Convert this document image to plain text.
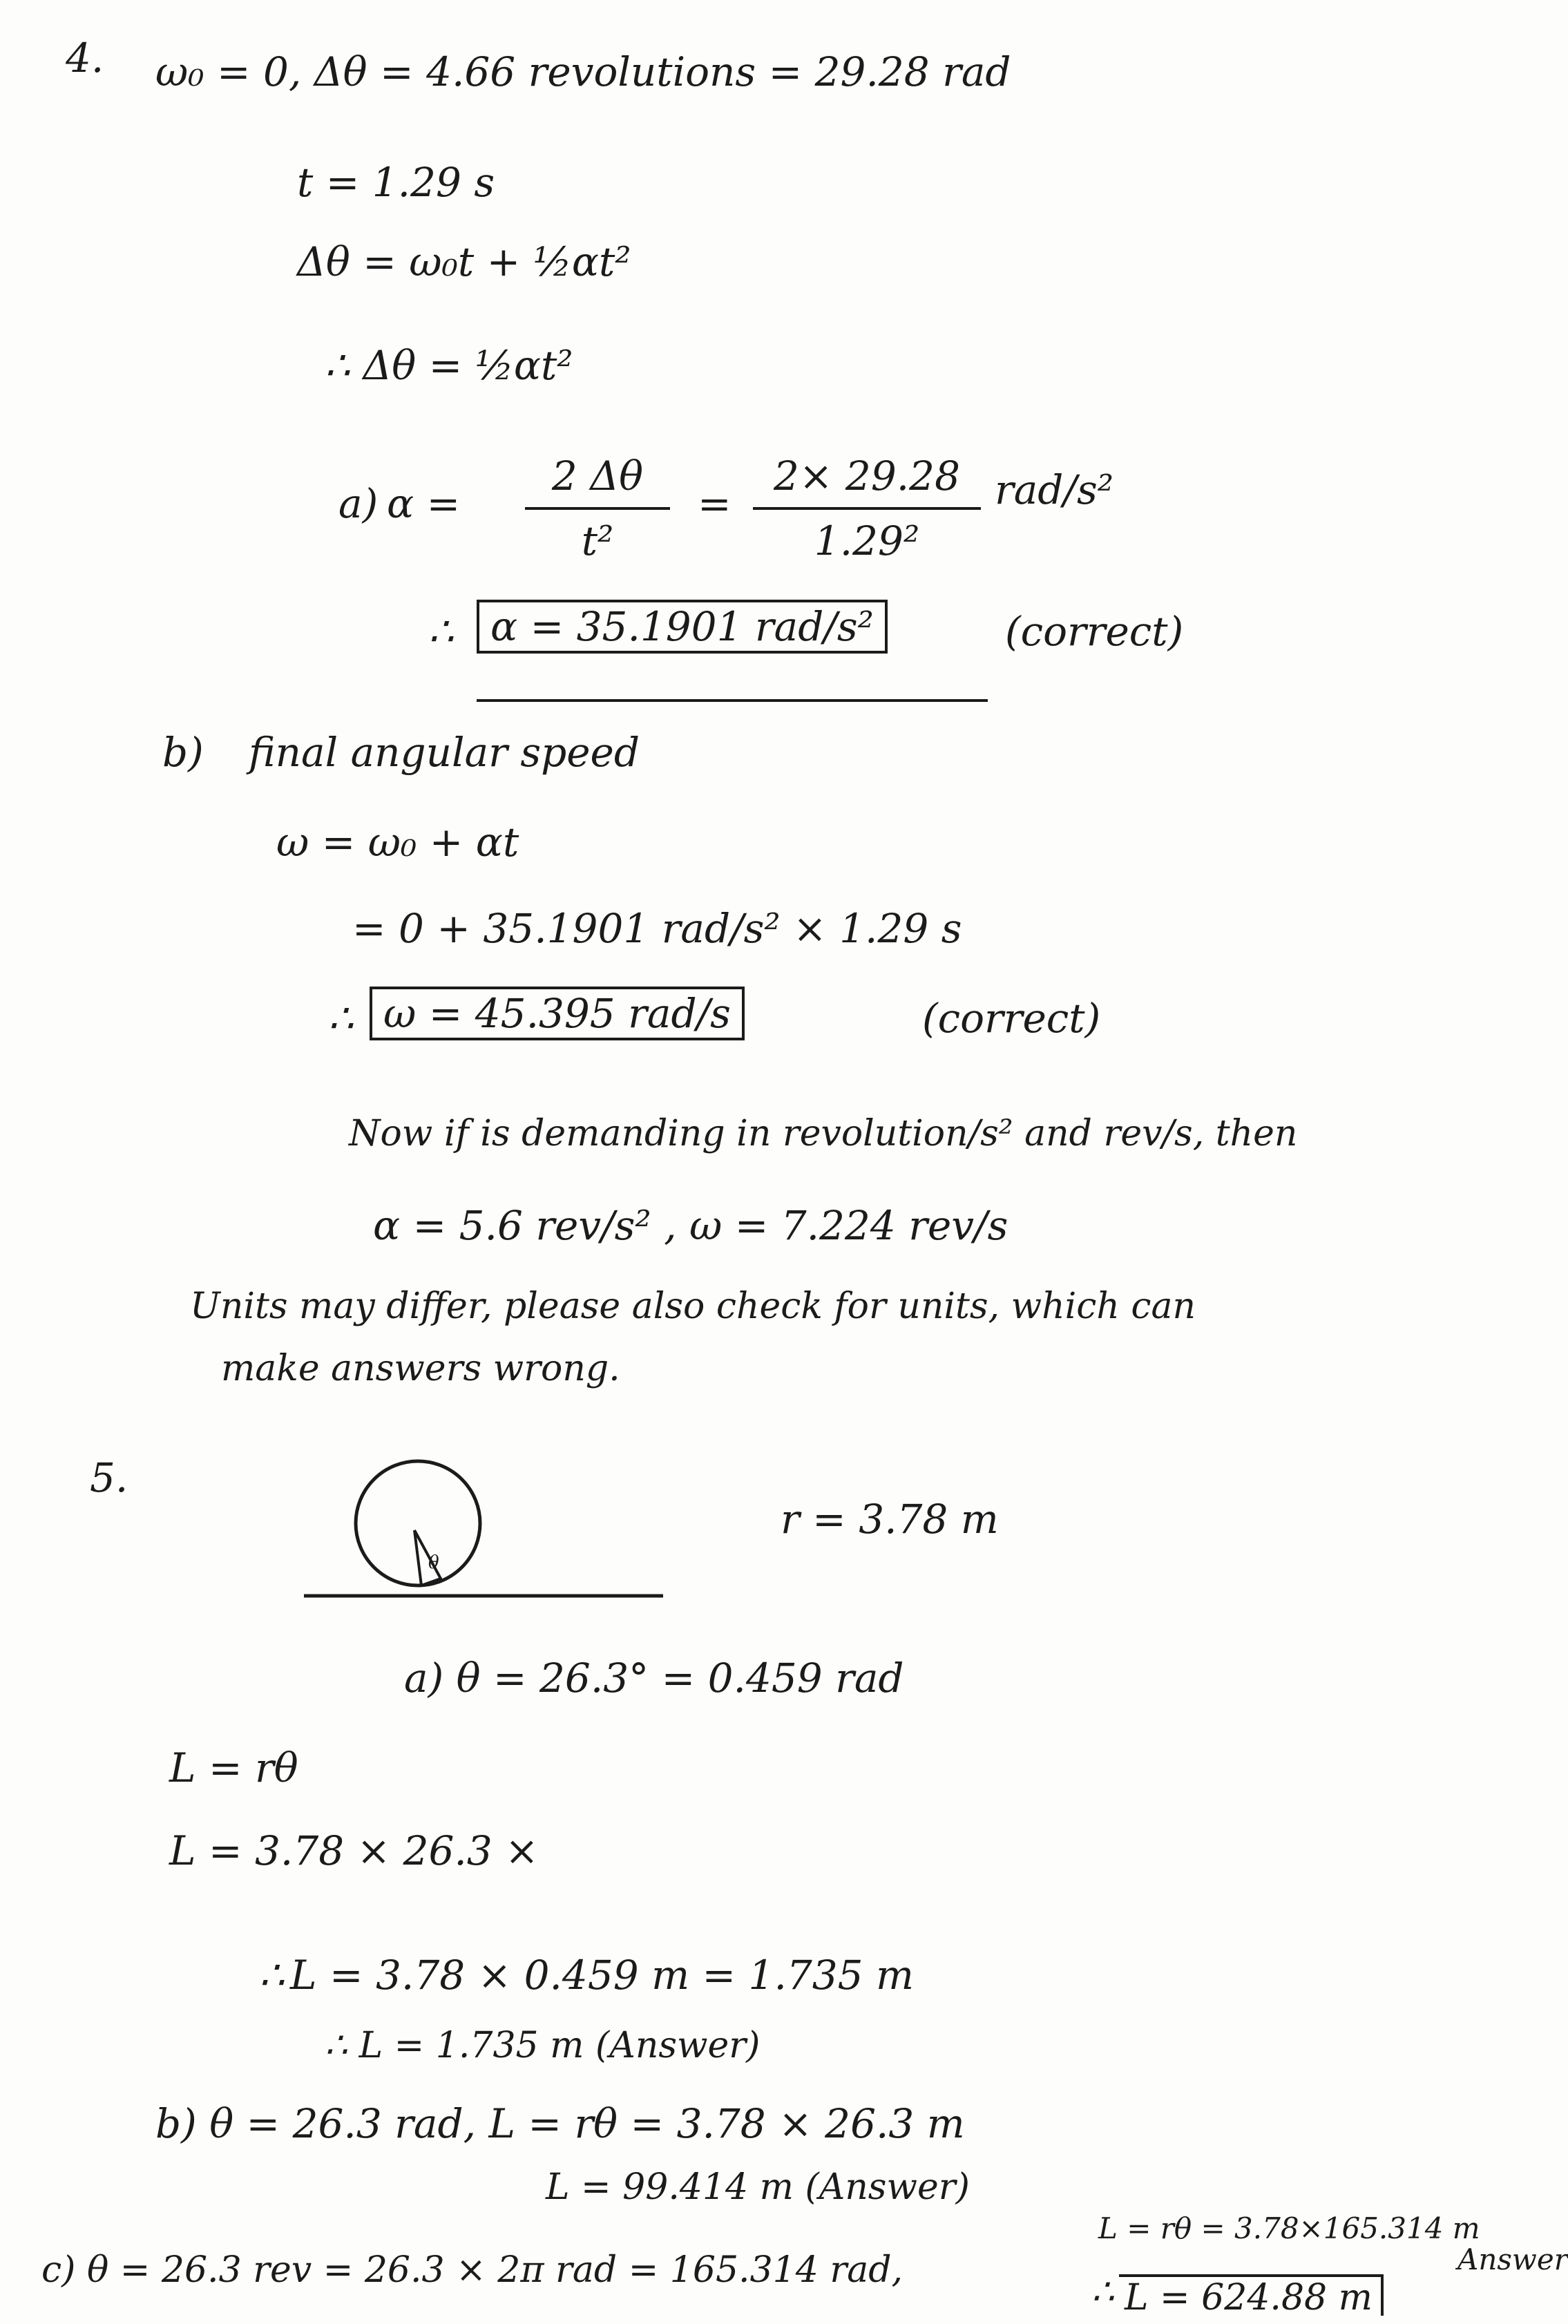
4. ω₀ = 0, Δθ = 4.66 revolutions = 29.28 rad
t = 1.29 s
Δθ = ω₀t + ½αt²
∴ Δθ = ½αt²
a) α =
2 Δθ
t²
=
2× 29.28
1.29²
rad/s²
∴ α = 35.1901 rad/s²	(correct)
b) final angular speed
ω = ω₀ + αt
= 0 + 35.1901 rad/s² × 1.29 s
∴ ω = 45.395 rad/s	(correct)
Now if is demanding in revolution/s² and rev/s, then
α = 5.6 rev/s² , ω = 7.224 rev/s
Units may differ, please also check for units, which can
make answers wrong.
5.
θ
r = 3.78 m
a) θ = 26.3° = 0.459 rad
L = rθ
L = 3.78 × 26.3 ×
∴ L = 3.78 × 0.459 m = 1.735 m
∴ L = 1.735 m (Answer)
b) θ = 26.3 rad, L = rθ = 3.78 × 26.3 m
L = 99.414 m (Answer)
c) θ = 26.3 rev = 26.3 × 2π rad = 165.314 rad,
L = rθ = 3.78×165.314 m
∴ L = 624.88 m
Answer
